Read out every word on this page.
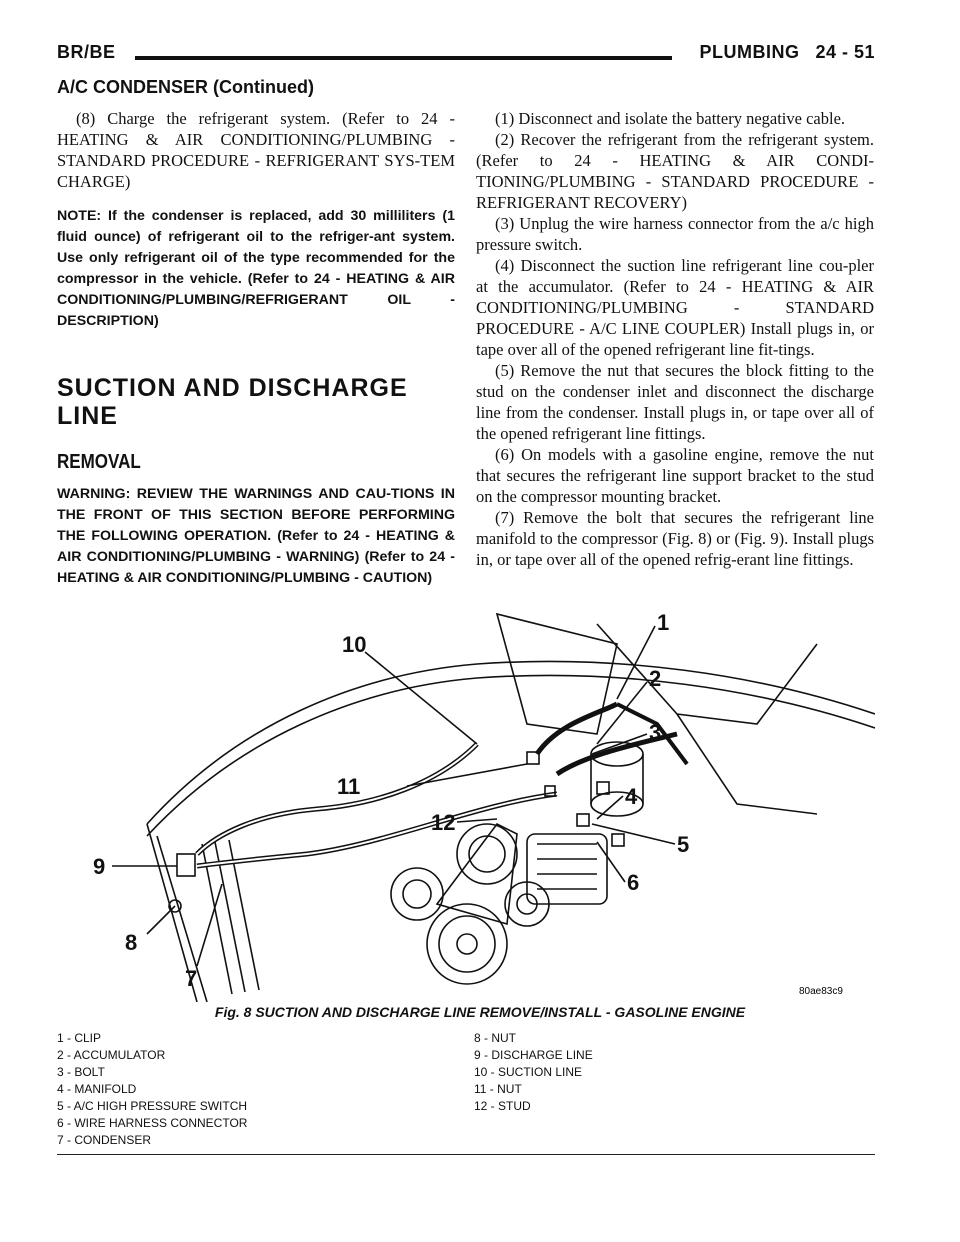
BR/BE	PLUMBING 24 - 51
A/C CONDENSER (Continued)

(8) Charge the refrigerant system. (Refer to 24 - HEATING & AIR CONDITIONING/PLUMBING - STANDARD PROCEDURE - REFRIGERANT SYS-TEM CHARGE)

NOTE: If the condenser is replaced, add 30 milliliters (1 fluid ounce) of refrigerant oil to the refriger-ant system. Use only refrigerant oil of the type recommended for the compressor in the vehicle. (Refer to 24 - HEATING & AIR CONDITIONING/PLUMBING/REFRIGERANT OIL - DESCRIPTION)

SUCTION AND DISCHARGE LINE

REMOVAL

WARNING: REVIEW THE WARNINGS AND CAU-TIONS IN THE FRONT OF THIS SECTION BEFORE PERFORMING THE FOLLOWING OPERATION. (Refer to 24 - HEATING & AIR CONDITIONING/PLUMBING - WARNING) (Refer to 24 - HEATING & AIR CONDITIONING/PLUMBING - CAUTION)

(1) Disconnect and isolate the battery negative cable.

(2) Recover the refrigerant from the refrigerant system. (Refer to 24 - HEATING & AIR CONDI-TIONING/PLUMBING - STANDARD PROCEDURE - REFRIGERANT RECOVERY)

(3) Unplug the wire harness connector from the a/c high pressure switch.

(4) Disconnect the suction line refrigerant line cou-pler at the accumulator. (Refer to 24 - HEATING & AIR CONDITIONING/PLUMBING - STANDARD PROCEDURE - A/C LINE COUPLER) Install plugs in, or tape over all of the opened refrigerant line fit-tings.

(5) Remove the nut that secures the block fitting to the stud on the condenser inlet and disconnect the discharge line from the condenser. Install plugs in, or tape over all of the opened refrigerant line fittings.

(6) On models with a gasoline engine, remove the nut that secures the refrigerant line support bracket to the stud on the compressor mounting bracket.

(7) Remove the bolt that secures the refrigerant line manifold to the compressor (Fig. 8) or (Fig. 9). Install plugs in, or tape over all of the opened refrig-erant line fittings.

10
1
2
3
4
5
6
7
8
9
11
12
80ae83c9
Fig. 8 SUCTION AND DISCHARGE LINE REMOVE/INSTALL - GASOLINE ENGINE
1 - CLIP
2 - ACCUMULATOR
3 - BOLT
4 - MANIFOLD
5 - A/C HIGH PRESSURE SWITCH
6 - WIRE HARNESS CONNECTOR
7 - CONDENSER
8 - NUT
9 - DISCHARGE LINE
10 - SUCTION LINE
11 - NUT
12 - STUD
